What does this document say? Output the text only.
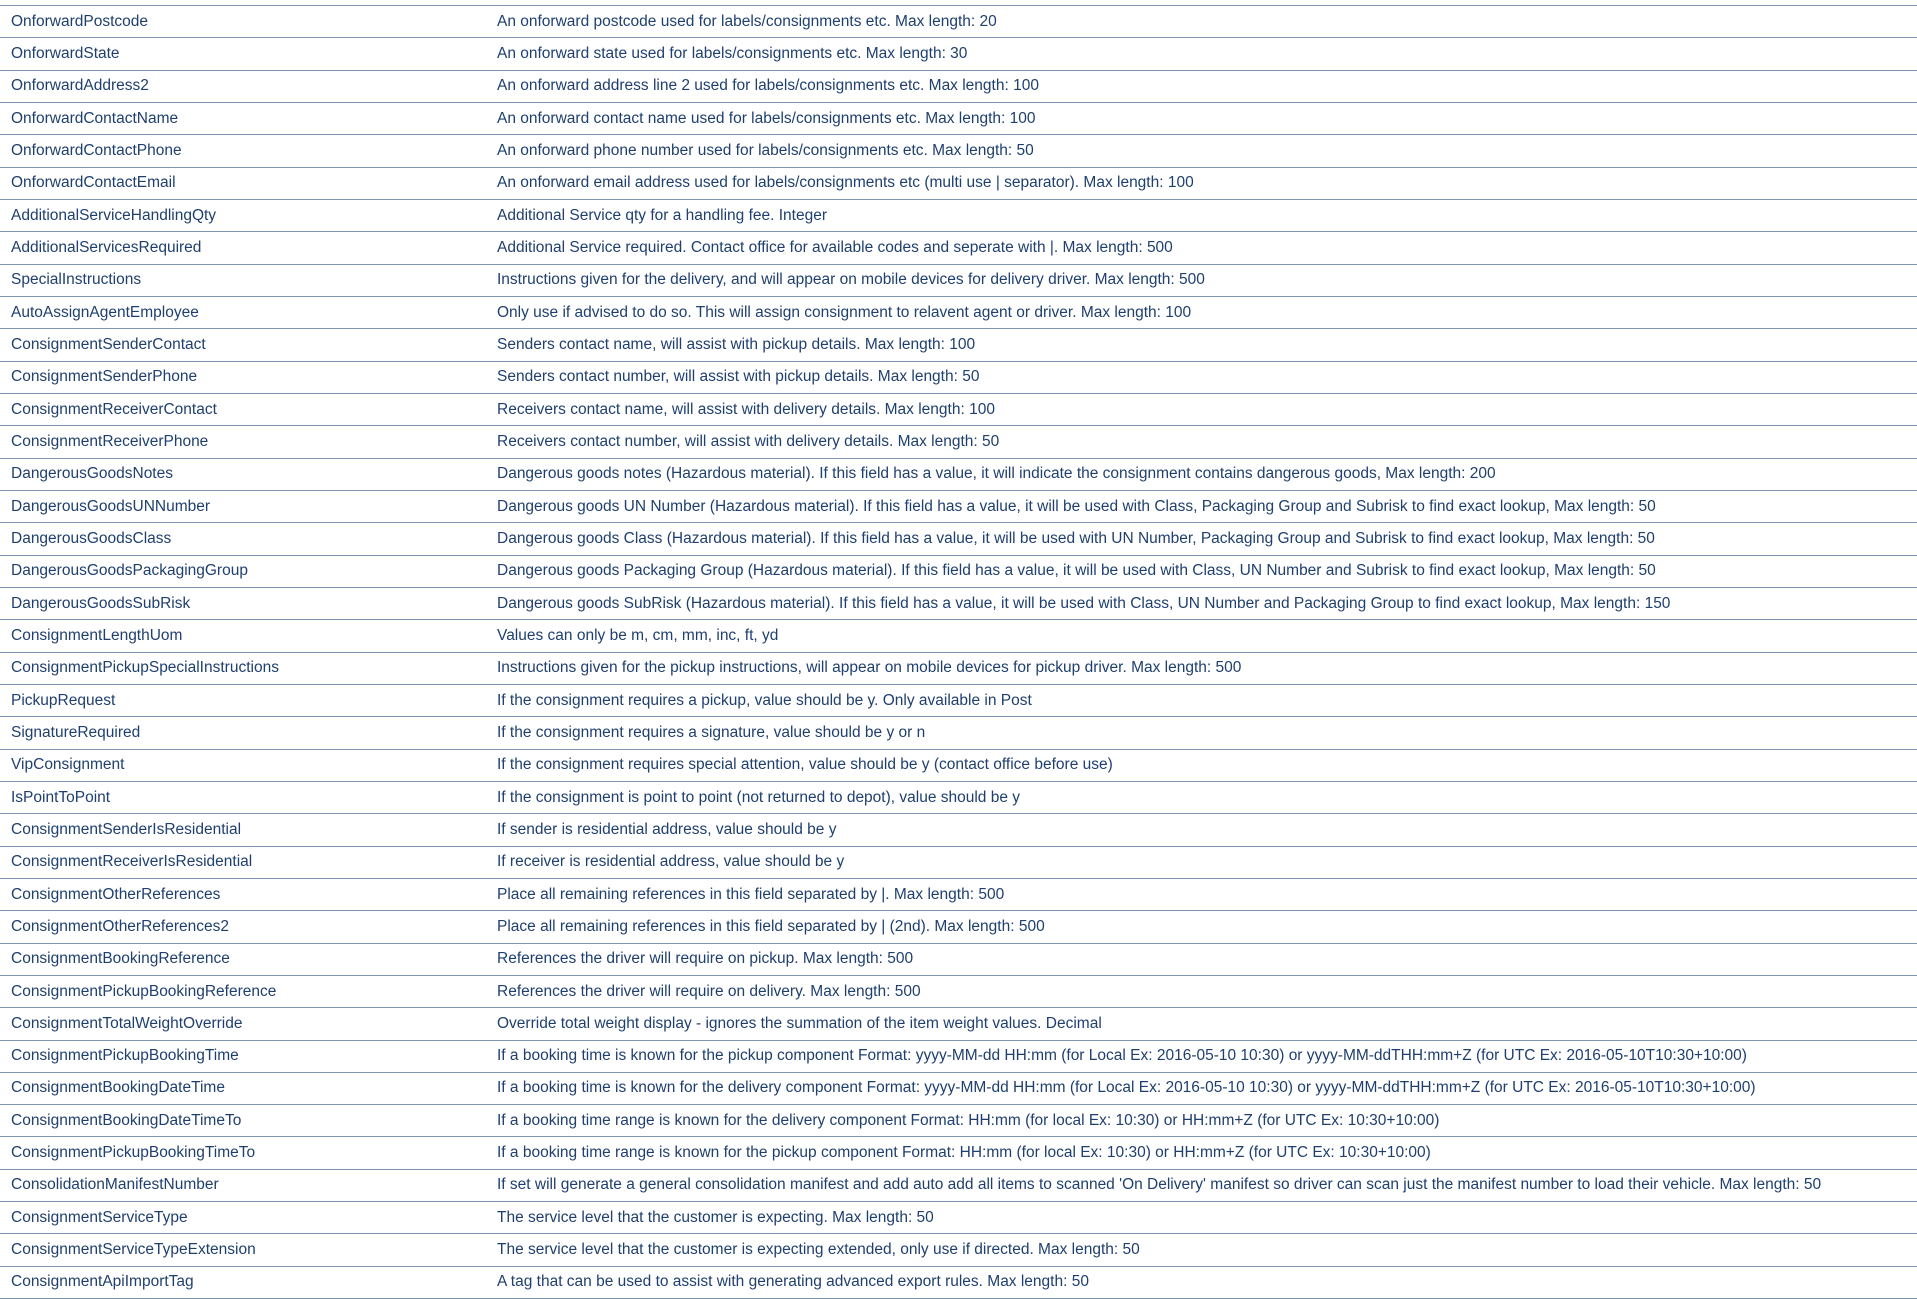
OnforwardPostcode	An onforward postcode used for labels/consignments etc. Max length: 20
OnforwardState	An onforward state used for labels/consignments etc. Max length: 30
OnforwardAddress2	An onforward address line 2 used for labels/consignments etc. Max length: 100
OnforwardContactName	An onforward contact name used for labels/consignments etc. Max length: 100
OnforwardContactPhone	An onforward phone number used for labels/consignments etc. Max length: 50
OnforwardContactEmail	An onforward email address used for labels/consignments etc (multi use | separator). Max length: 100
AdditionalServiceHandlingQty	Additional Service qty for a handling fee. Integer
AdditionalServicesRequired	Additional Service required. Contact office for available codes and seperate with |. Max length: 500
SpecialInstructions	Instructions given for the delivery, and will appear on mobile devices for delivery driver. Max length: 500
AutoAssignAgentEmployee	Only use if advised to do so. This will assign consignment to relavent agent or driver. Max length: 100
ConsignmentSenderContact	Senders contact name, will assist with pickup details. Max length: 100
ConsignmentSenderPhone	Senders contact number, will assist with pickup details. Max length: 50
ConsignmentReceiverContact	Receivers contact name, will assist with delivery details. Max length: 100
ConsignmentReceiverPhone	Receivers contact number, will assist with delivery details. Max length: 50
DangerousGoodsNotes	Dangerous goods notes (Hazardous material). If this field has a value, it will indicate the consignment contains dangerous goods, Max length: 200
DangerousGoodsUNNumber	Dangerous goods UN Number (Hazardous material). If this field has a value, it will be used with Class, Packaging Group and Subrisk to find exact lookup, Max length: 50
DangerousGoodsClass	Dangerous goods Class (Hazardous material). If this field has a value, it will be used with UN Number, Packaging Group and Subrisk to find exact lookup, Max length: 50
DangerousGoodsPackagingGroup	Dangerous goods Packaging Group (Hazardous material). If this field has a value, it will be used with Class, UN Number and Subrisk to find exact lookup, Max length: 50
DangerousGoodsSubRisk	Dangerous goods SubRisk (Hazardous material). If this field has a value, it will be used with Class, UN Number and Packaging Group to find exact lookup, Max length: 150
ConsignmentLengthUom	Values can only be m, cm, mm, inc, ft, yd
ConsignmentPickupSpecialInstructions	Instructions given for the pickup instructions, will appear on mobile devices for pickup driver. Max length: 500
PickupRequest	If the consignment requires a pickup, value should be y. Only available in Post
SignatureRequired	If the consignment requires a signature, value should be y or n
VipConsignment	If the consignment requires special attention, value should be y (contact office before use)
IsPointToPoint	If the consignment is point to point (not returned to depot), value should be y
ConsignmentSenderIsResidential	If sender is residential address, value should be y
ConsignmentReceiverIsResidential	If receiver is residential address, value should be y
ConsignmentOtherReferences	Place all remaining references in this field separated by |. Max length: 500
ConsignmentOtherReferences2	Place all remaining references in this field separated by | (2nd). Max length: 500
ConsignmentBookingReference	References the driver will require on pickup. Max length: 500
ConsignmentPickupBookingReference	References the driver will require on delivery. Max length: 500
ConsignmentTotalWeightOverride	Override total weight display - ignores the summation of the item weight values. Decimal
ConsignmentPickupBookingTime	If a booking time is known for the pickup component Format: yyyy-MM-dd HH:mm (for Local Ex: 2016-05-10 10:30) or yyyy-MM-ddTHH:mm+Z (for UTC Ex: 2016-05-10T10:30+10:00)
ConsignmentBookingDateTime	If a booking time is known for the delivery component Format: yyyy-MM-dd HH:mm (for Local Ex: 2016-05-10 10:30) or yyyy-MM-ddTHH:mm+Z (for UTC Ex: 2016-05-10T10:30+10:00)
ConsignmentBookingDateTimeTo	If a booking time range is known for the delivery component Format: HH:mm (for local Ex: 10:30) or HH:mm+Z (for UTC Ex: 10:30+10:00)
ConsignmentPickupBookingTimeTo	If a booking time range is known for the pickup component Format: HH:mm (for local Ex: 10:30) or HH:mm+Z (for UTC Ex: 10:30+10:00)
ConsolidationManifestNumber	If set will generate a general consolidation manifest and add auto add all items to scanned 'On Delivery' manifest so driver can scan just the manifest number to load their vehicle. Max length: 50
ConsignmentServiceType	The service level that the customer is expecting. Max length: 50
ConsignmentServiceTypeExtension	The service level that the customer is expecting extended, only use if directed. Max length: 50
ConsignmentApiImportTag	A tag that can be used to assist with generating advanced export rules. Max length: 50
